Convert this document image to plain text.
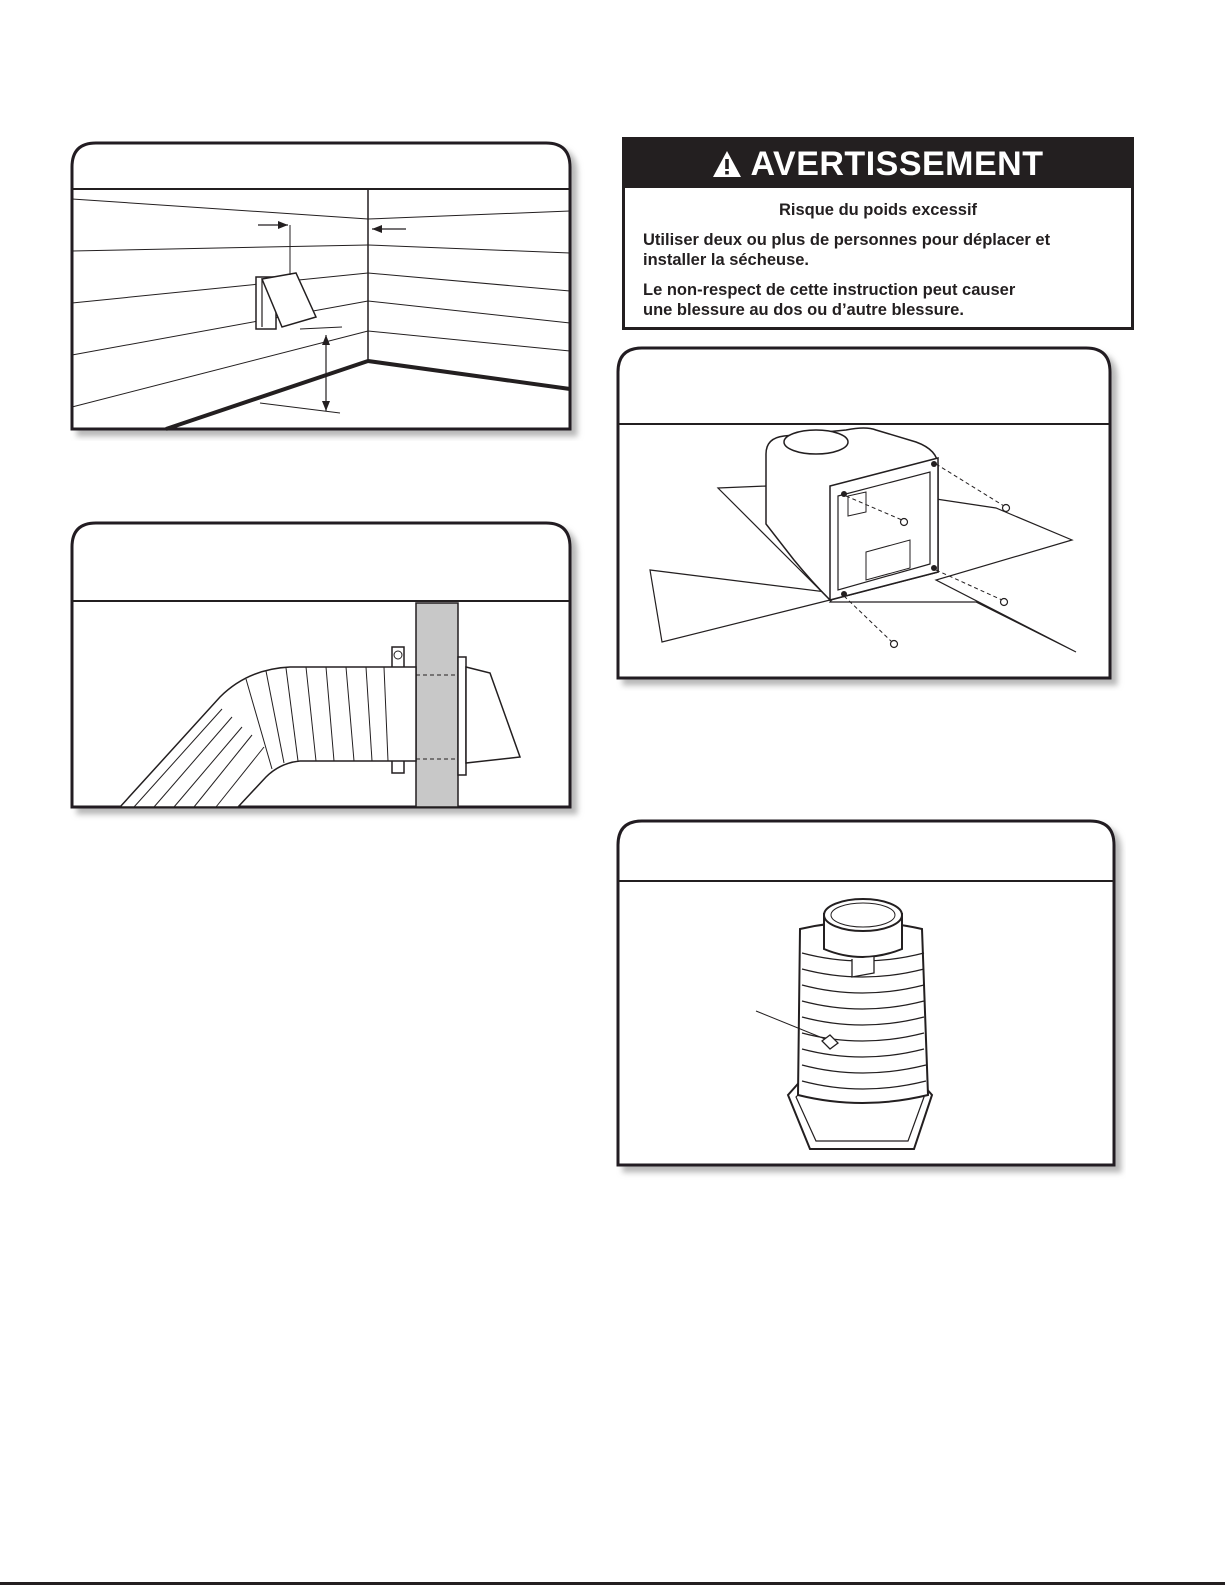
AVERTISSEMENT
Risque du poids excessif

Utiliser deux ou plus de personnes pour déplacer et
installer la sécheuse.

Le non-respect de cette instruction peut causer
une blessure au dos ou d’autre blessure.
